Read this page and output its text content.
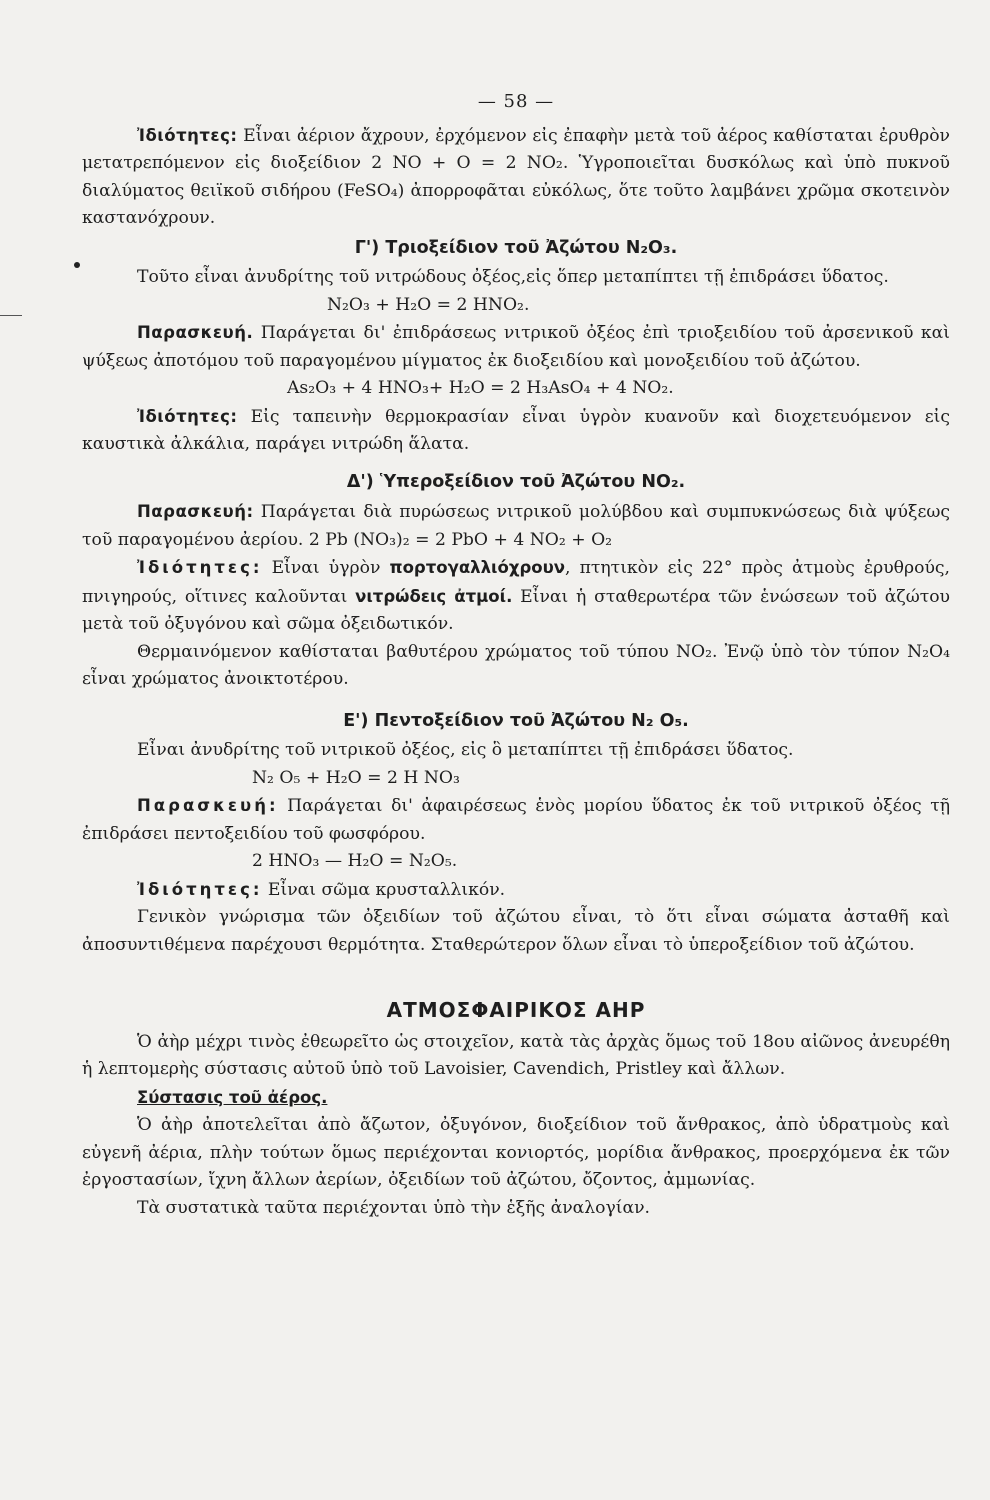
— 58 —

Ἰδιότητες: Εἶναι ἀέριον ἄχρουν, ἐρχόμενον εἰς ἐπαφὴν μετὰ τοῦ ἀέρος καθίσταται ἐρυθρὸν μετατρεπόμενον εἰς διοξείδιον 2 NO + O = 2 NO₂. Ὑγροποιεῖται δυσκόλως καὶ ὑπὸ πυκνοῦ διαλύματος θειϊκοῦ σιδήρου (FeSO₄) ἀπορροφᾶται εὐκόλως, ὅτε τοῦτο λαμβάνει χρῶμα σκοτεινὸν καστανόχρουν.

Γ') Τριοξείδιον τοῦ Ἀζώτου N₂O₃.

Τοῦτο εἶναι ἀνυδρίτης τοῦ νιτρώδους ὀξέος,εἰς ὅπερ μεταπίπτει τῇ ἐπιδράσει ὕδατος.

N₂O₃ + H₂O = 2 HNO₂.

Παρασκευή. Παράγεται δι' ἐπιδράσεως νιτρικοῦ ὀξέος ἐπὶ τριοξειδίου τοῦ ἀρσενικοῦ καὶ ψύξεως ἀποτόμου τοῦ παραγομένου μίγματος ἐκ διοξειδίου καὶ μονοξειδίου τοῦ ἀζώτου.

As₂O₃ + 4 HNO₃+ H₂O = 2 H₃AsO₄ + 4 NO₂.

Ἰδιότητες: Εἰς ταπεινὴν θερμοκρασίαν εἶναι ὑγρὸν κυανοῦν καὶ διοχετευόμενον εἰς καυστικὰ ἀλκάλια, παράγει νιτρώδη ἅλατα.

Δ') Ὑπεροξείδιον τοῦ Ἀζώτου NO₂.

Παρασκευή: Παράγεται διὰ πυρώσεως νιτρικοῦ μολύβδου καὶ συμπυκνώσεως διὰ ψύξεως τοῦ παραγομένου ἀερίου. 2 Pb (NO₃)₂ = 2 PbO + 4 NO₂ + O₂

Ἰδιότητες: Εἶναι ὑγρὸν πορτογαλλιόχρουν, πτητικὸν εἰς 22° πρὸς ἀτμοὺς ἐρυθρούς, πνιγηρούς, οἵτινες καλοῦνται νιτρώδεις ἀτμοί. Εἶναι ἡ σταθερωτέρα τῶν ἑνώσεων τοῦ ἀζώτου μετὰ τοῦ ὀξυγόνου καὶ σῶμα ὀξειδωτικόν.

Θερμαινόμενον καθίσταται βαθυτέρου χρώματος τοῦ τύπου NO₂. Ἐνῷ ὑπὸ τὸν τύπον N₂O₄ εἶναι χρώματος ἀνοικτοτέρου.

Ε') Πεντοξείδιον τοῦ Ἀζώτου N₂ O₅.

Εἶναι ἀνυδρίτης τοῦ νιτρικοῦ ὀξέος, εἰς ὃ μεταπίπτει τῇ ἐπιδράσει ὕδατος.

N₂ O₅ + H₂O = 2 H NO₃

Παρασκευή: Παράγεται δι' ἀφαιρέσεως ἑνὸς μορίου ὕδατος ἐκ τοῦ νιτρικοῦ ὀξέος τῇ ἐπιδράσει πεντοξειδίου τοῦ φωσφόρου.

2 HNO₃ — H₂O = N₂O₅.

Ἰδιότητες: Εἶναι σῶμα κρυσταλλικόν.

Γενικὸν γνώρισμα τῶν ὀξειδίων τοῦ ἀζώτου εἶναι, τὸ ὅτι εἶναι σώματα ἀσταθῆ καὶ ἀποσυντιθέμενα παρέχουσι θερμότητα. Σταθερώτερον ὅλων εἶναι τὸ ὑπεροξείδιον τοῦ ἀζώτου.

ΑΤΜΟΣΦΑΙΡΙΚΟΣ ΑΗΡ

Ὁ ἀὴρ μέχρι τινὸς ἐθεωρεῖτο ὡς στοιχεῖον, κατὰ τὰς ἀρχὰς ὅμως τοῦ 18ου αἰῶνος ἀνευρέθη ἡ λεπτομερὴς σύστασις αὐτοῦ ὑπὸ τοῦ Lavoisier, Cavendich, Pristley καὶ ἄλλων.

Σύστασις τοῦ ἀέρος.

Ὁ ἀὴρ ἀποτελεῖται ἀπὸ ἄζωτον, ὀξυγόνον, διοξείδιον τοῦ ἄνθρακος, ἀπὸ ὑδρατμοὺς καὶ εὐγενῆ ἀέρια, πλὴν τούτων ὅμως περιέχονται κονιορτός, μορίδια ἄνθρακος, προερχόμενα ἐκ τῶν ἐργοστασίων, ἴχνη ἄλλων ἀερίων, ὀξειδίων τοῦ ἀζώτου, ὄζοντος, ἀμμωνίας.

Τὰ συστατικὰ ταῦτα περιέχονται ὑπὸ τὴν ἑξῆς ἀναλογίαν.
